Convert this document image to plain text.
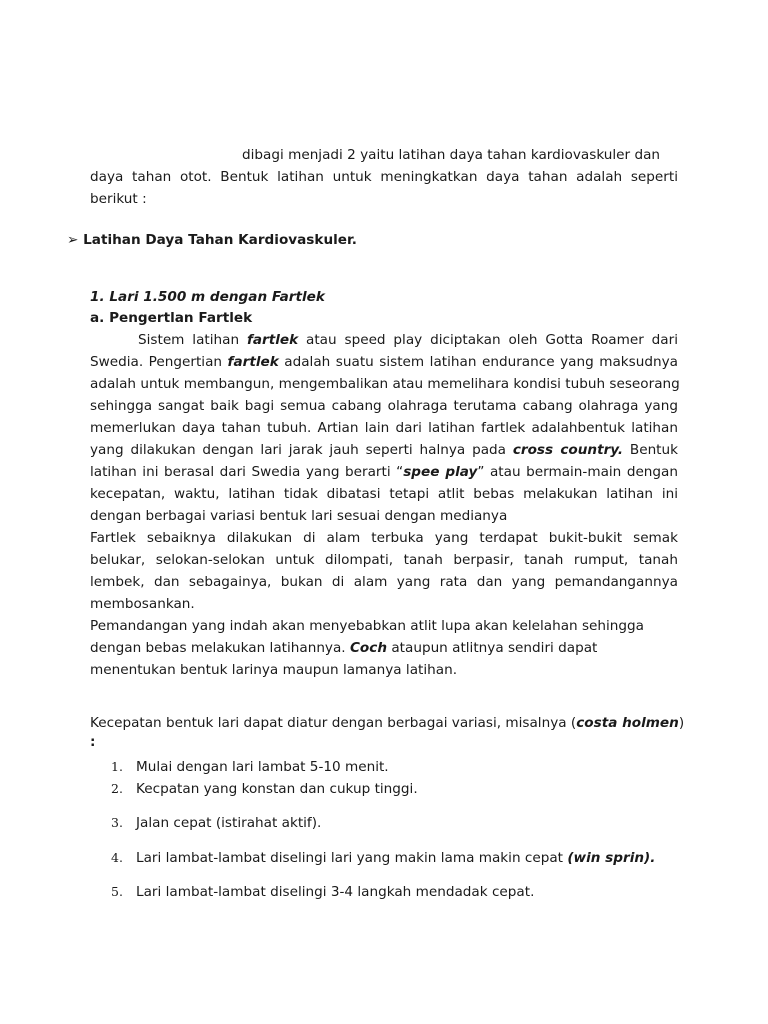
dibagi menjadi 2 yaitu latihan daya tahan kardiovaskuler dan
daya tahan otot. Bentuk latihan untuk meningkatkan daya tahan adalah seperti
berikut :
➢ Latihan Daya Tahan Kardiovaskuler.
1. Lari 1.500 m dengan Fartlek
a. Pengertlan Fartlek
Sistem latihan fartlek atau speed play diciptakan oleh Gotta Roamer dari
Swedia. Pengertian fartlek adalah suatu sistem latihan endurance yang maksudnya
adalah untuk membangun, mengembalikan atau memelihara kondisi tubuh seseorang
sehingga sangat baik bagi semua cabang olahraga terutama cabang olahraga yang
memerlukan daya tahan tubuh. Artian lain dari latihan fartlek adalahbentuk latihan
yang dilakukan dengan lari jarak jauh seperti halnya pada cross country. Bentuk
latihan ini berasal dari Swedia yang berarti “spee play” atau bermain-main dengan
kecepatan, waktu, latihan tidak dibatasi tetapi atlit bebas melakukan latihan ini
dengan berbagai variasi bentuk lari sesuai dengan medianya
Fartlek sebaiknya dilakukan di alam terbuka yang terdapat bukit-bukit semak
belukar, selokan-selokan untuk dilompati, tanah berpasir, tanah rumput, tanah
lembek, dan sebagainya, bukan di alam yang rata dan yang pemandangannya
membosankan.
Pemandangan yang indah akan menyebabkan atlit lupa akan kelelahan sehingga
dengan bebas melakukan latihannya. Coch ataupun atlitnya sendiri dapat
menentukan bentuk larinya maupun lamanya latihan.
Kecepatan bentuk lari dapat diatur dengan berbagai variasi, misalnya (costa holmen)
:
1. Mulai dengan lari lambat 5-10 menit.
2. Kecpatan yang konstan dan cukup tinggi.
3. Jalan cepat (istirahat aktif).
4. Lari lambat-lambat diselingi lari yang makin lama makin cepat (win sprin).
5. Lari lambat-lambat diselingi 3-4 langkah mendadak cepat.
